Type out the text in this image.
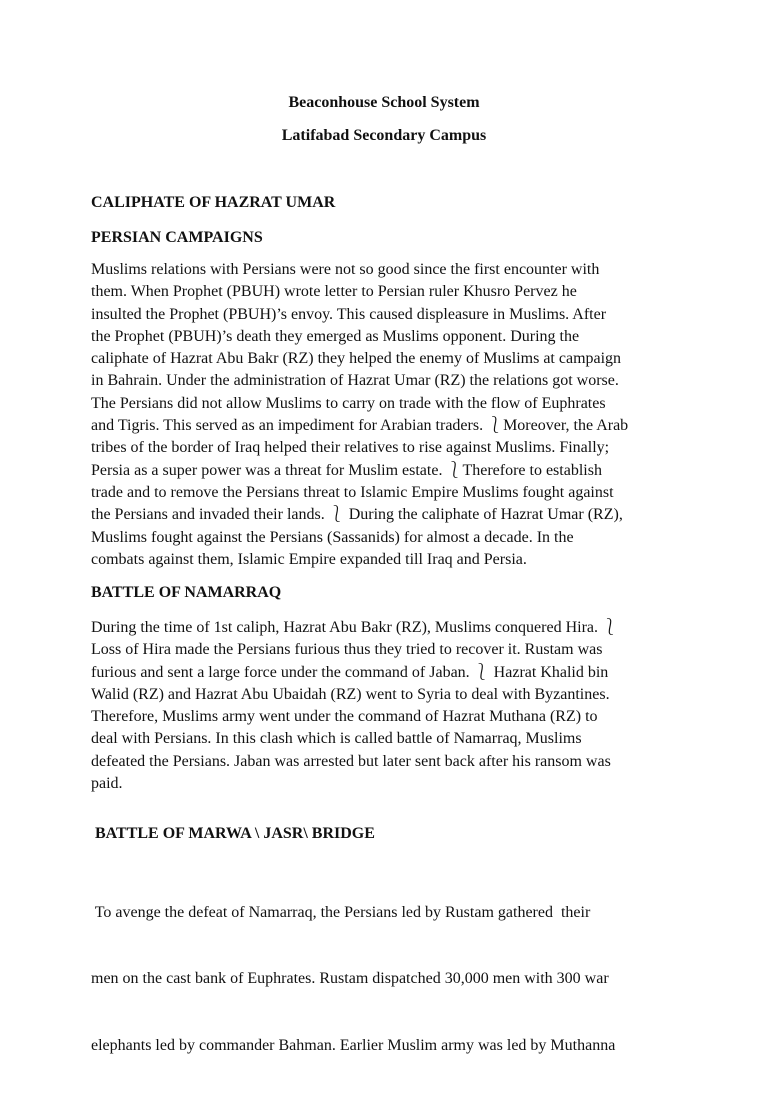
Beaconhouse School System
Latifabad Secondary Campus
CALIPHATE OF HAZRAT UMAR
PERSIAN CAMPAIGNS

Muslims relations with Persians were not so good since the first encounter with
them. When Prophet (PBUH) wrote letter to Persian ruler Khusro Pervez he
insulted the Prophet (PBUH)’s envoy. This caused displeasure in Muslims. After
the Prophet (PBUH)’s death they emerged as Muslims opponent. During the
caliphate of Hazrat Abu Bakr (RZ) they helped the enemy of Muslims at campaign
in Bahrain. Under the administration of Hazrat Umar (RZ) the relations got worse.
The Persians did not allow Muslims to carry on trade with the flow of Euphrates
and Tigris. This served as an impediment for Arabian traders. ⎱Moreover, the Arab
tribes of the border of Iraq helped their relatives to rise against Muslims. Finally;
Persia as a super power was a threat for Muslim estate. ⎱Therefore to establish
trade and to remove the Persians threat to Islamic Empire Muslims fought against
the Persians and invaded their lands. ⎱ During the caliphate of Hazrat Umar (RZ),
Muslims fought against the Persians (Sassanids) for almost a decade. In the
combats against them, Islamic Empire expanded till Iraq and Persia.

BATTLE OF NAMARRAQ

During the time of 1st caliph, Hazrat Abu Bakr (RZ), Muslims conquered Hira. ⎱
Loss of Hira made the Persians furious thus they tried to recover it. Rustam was
furious and sent a large force under the command of Jaban. ⎱ Hazrat Khalid bin
Walid (RZ) and Hazrat Abu Ubaidah (RZ) went to Syria to deal with Byzantines.
Therefore, Muslims army went under the command of Hazrat Muthana (RZ) to
deal with Persians. In this clash which is called battle of Namarraq, Muslims
defeated the Persians. Jaban was arrested but later sent back after his ransom was
paid.

BATTLE OF MARWA \ JASR\ BRIDGE

To avenge the defeat of Namarraq, the Persians led by Rustam gathered  their

men on the cast bank of Euphrates. Rustam dispatched 30,000 men with 300 war

elephants led by commander Bahman. Earlier Muslim army was led by Muthanna
